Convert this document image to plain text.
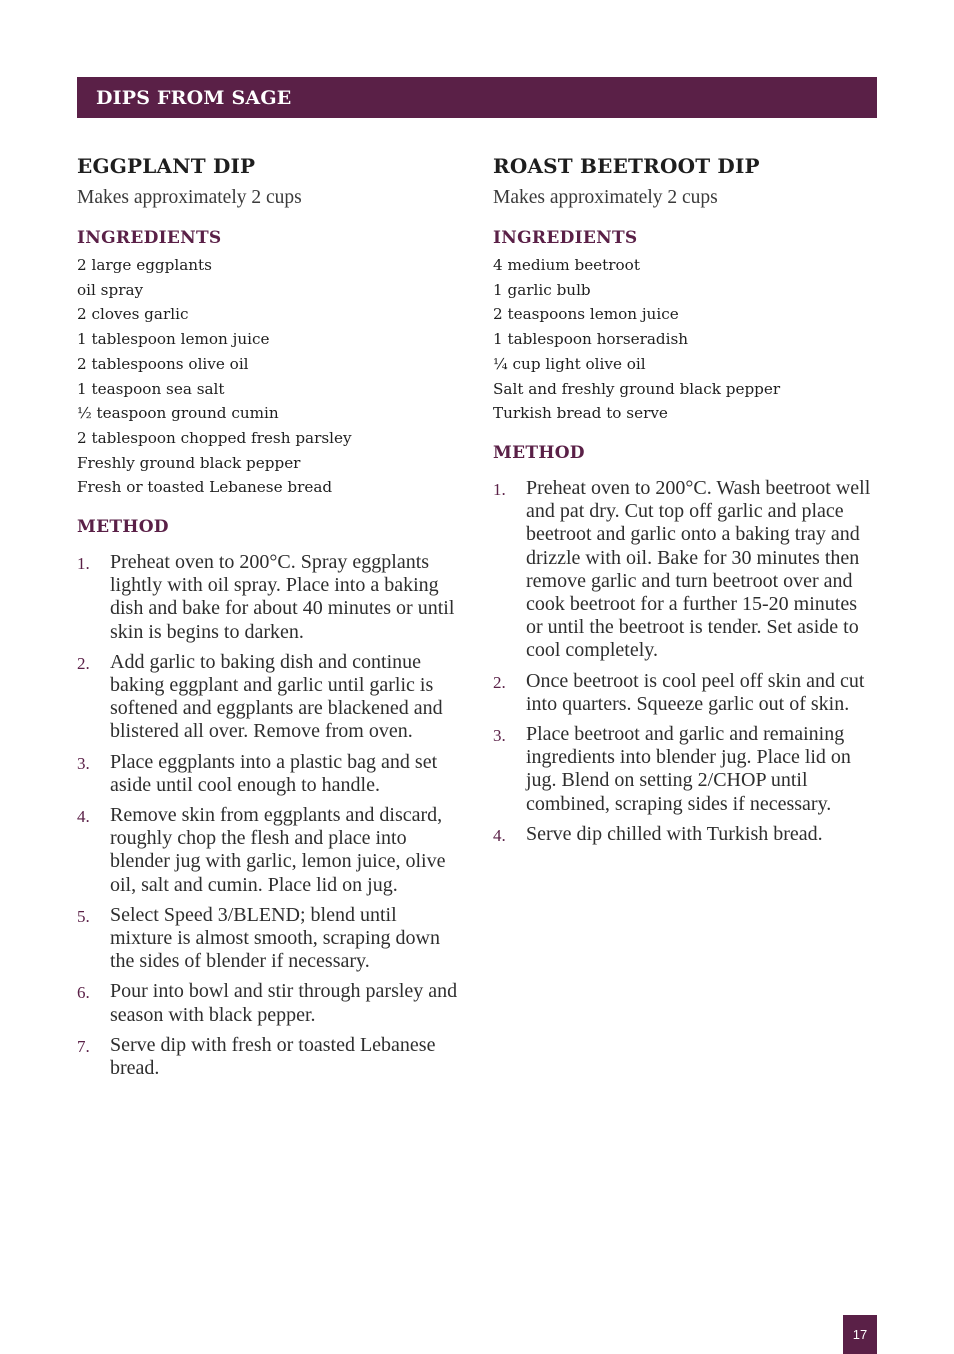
DIPS FROM SAGE
EGGPLANT DIP

Makes approximately 2 cups

INGREDIENTS
2 large eggplants
oil spray
2 cloves garlic
1 tablespoon lemon juice
2 tablespoons olive oil
1 teaspoon sea salt
½ teaspoon ground cumin
2 tablespoon chopped fresh parsley
Freshly ground black pepper
Fresh or toasted Lebanese bread
METHOD
1. Preheat oven to 200°C. Spray eggplants lightly with oil spray. Place into a baking dish and bake for about 40 minutes or until skin is begins to darken.
2. Add garlic to baking dish and continue baking eggplant and garlic until garlic is softened and eggplants are blackened and blistered all over. Remove from oven.
3. Place eggplants into a plastic bag and set aside until cool enough to handle.
4. Remove skin from eggplants and discard, roughly chop the flesh and place into blender jug with garlic, lemon juice, olive oil, salt and cumin. Place lid on jug.
5. Select Speed 3/BLEND; blend until mixture is almost smooth, scraping down the sides of blender if necessary.
6. Pour into bowl and stir through parsley and season with black pepper.
7. Serve dip with fresh or toasted Lebanese bread.
ROAST BEETROOT DIP

Makes approximately 2 cups

INGREDIENTS
4 medium beetroot
1 garlic bulb
2 teaspoons lemon juice
1 tablespoon horseradish
¼ cup light olive oil
Salt and freshly ground black pepper
Turkish bread to serve
METHOD
1. Preheat oven to 200°C. Wash beetroot well and pat dry. Cut top off garlic and place beetroot and garlic onto a baking tray and drizzle with oil. Bake for 30 minutes then remove garlic and turn beetroot over and cook beetroot for a further 15-20 minutes or until the beetroot is tender. Set aside to cool completely.
2. Once beetroot is cool peel off skin and cut into quarters. Squeeze garlic out of skin.
3. Place beetroot and garlic and remaining ingredients into blender jug. Place lid on jug. Blend on setting 2/CHOP until combined, scraping sides if necessary.
4. Serve dip chilled with Turkish bread.
17
